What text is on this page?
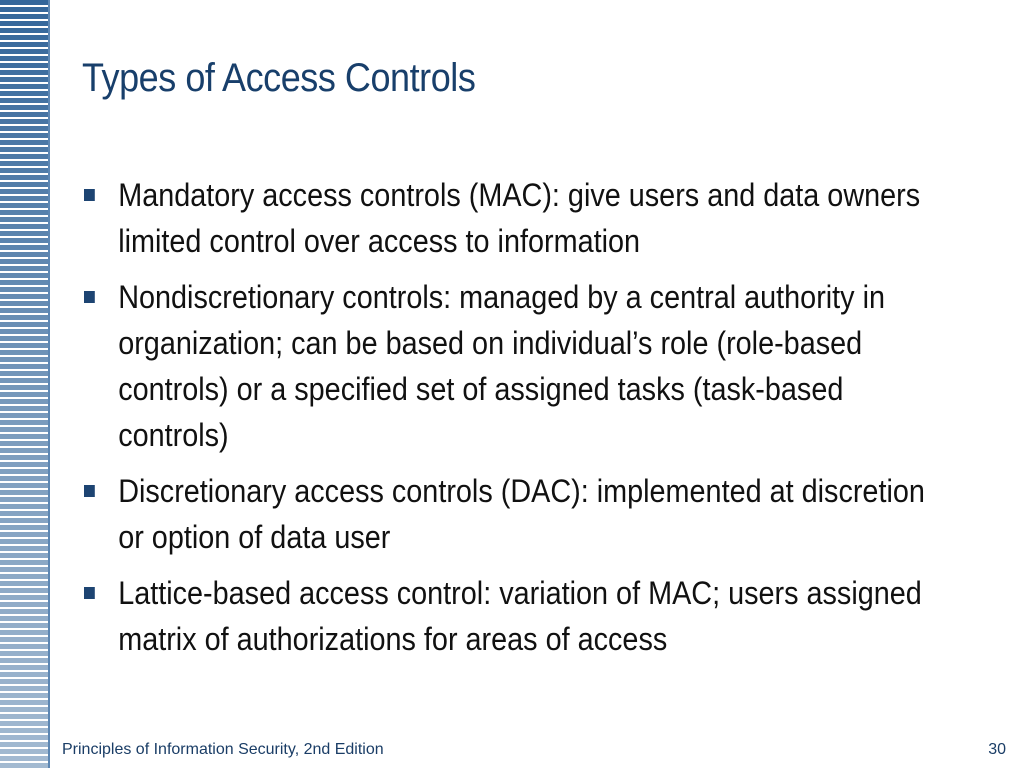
Types of Access Controls
Mandatory access controls (MAC): give users and data owners limited control over access to information
Nondiscretionary controls: managed by a central authority in organization; can be based on individual’s role (role-based controls) or a specified set of assigned tasks (task-based controls)
Discretionary access controls (DAC): implemented at discretion or option of data user
Lattice-based access control: variation of MAC; users assigned matrix of authorizations for areas of access
Principles of Information Security, 2nd Edition	30
